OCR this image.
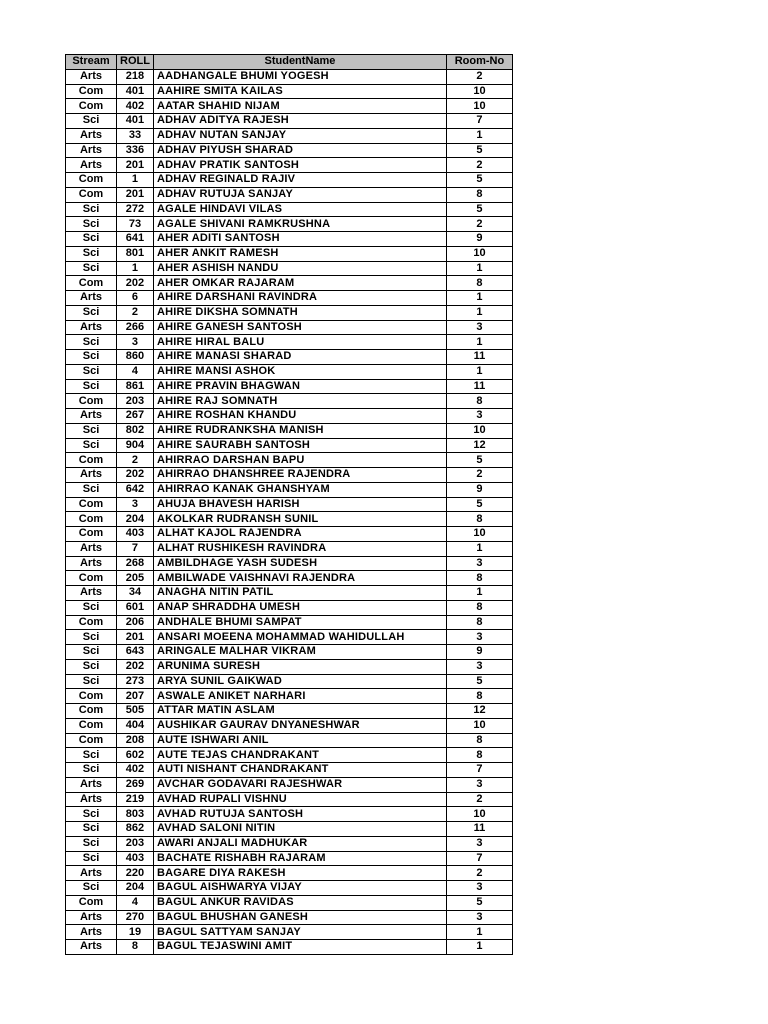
Stream	ROLL	StudentName	Room-No
Arts	218	AADHANGALE BHUMI YOGESH	2
Com	401	AAHIRE SMITA KAILAS	10
Com	402	AATAR SHAHID NIJAM	10
Sci	401	ADHAV ADITYA RAJESH	7
Arts	33	ADHAV NUTAN SANJAY	1
Arts	336	ADHAV PIYUSH SHARAD	5
Arts	201	ADHAV PRATIK SANTOSH	2
Com	1	ADHAV REGINALD RAJIV	5
Com	201	ADHAV RUTUJA SANJAY	8
Sci	272	AGALE HINDAVI VILAS	5
Sci	73	AGALE SHIVANI RAMKRUSHNA	2
Sci	641	AHER ADITI SANTOSH	9
Sci	801	AHER ANKIT RAMESH	10
Sci	1	AHER ASHISH NANDU	1
Com	202	AHER OMKAR RAJARAM	8
Arts	6	AHIRE DARSHANI RAVINDRA	1
Sci	2	AHIRE DIKSHA SOMNATH	1
Arts	266	AHIRE GANESH SANTOSH	3
Sci	3	AHIRE HIRAL BALU	1
Sci	860	AHIRE MANASI SHARAD	11
Sci	4	AHIRE MANSI ASHOK	1
Sci	861	AHIRE PRAVIN BHAGWAN	11
Com	203	AHIRE RAJ SOMNATH	8
Arts	267	AHIRE ROSHAN KHANDU	3
Sci	802	AHIRE RUDRANKSHA MANISH	10
Sci	904	AHIRE SAURABH SANTOSH	12
Com	2	AHIRRAO DARSHAN BAPU	5
Arts	202	AHIRRAO DHANSHREE RAJENDRA	2
Sci	642	AHIRRAO KANAK GHANSHYAM	9
Com	3	AHUJA BHAVESH HARISH	5
Com	204	AKOLKAR RUDRANSH SUNIL	8
Com	403	ALHAT KAJOL RAJENDRA	10
Arts	7	ALHAT RUSHIKESH RAVINDRA	1
Arts	268	AMBILDHAGE YASH SUDESH	3
Com	205	AMBILWADE VAISHNAVI RAJENDRA	8
Arts	34	ANAGHA NITIN PATIL	1
Sci	601	ANAP SHRADDHA UMESH	8
Com	206	ANDHALE BHUMI SAMPAT	8
Sci	201	ANSARI MOEENA MOHAMMAD WAHIDULLAH	3
Sci	643	ARINGALE MALHAR VIKRAM	9
Sci	202	ARUNIMA SURESH	3
Sci	273	ARYA SUNIL GAIKWAD	5
Com	207	ASWALE ANIKET NARHARI	8
Com	505	ATTAR MATIN ASLAM	12
Com	404	AUSHIKAR GAURAV DNYANESHWAR	10
Com	208	AUTE ISHWARI ANIL	8
Sci	602	AUTE TEJAS CHANDRAKANT	8
Sci	402	AUTI NISHANT CHANDRAKANT	7
Arts	269	AVCHAR GODAVARI RAJESHWAR	3
Arts	219	AVHAD RUPALI VISHNU	2
Sci	803	AVHAD RUTUJA SANTOSH	10
Sci	862	AVHAD SALONI NITIN	11
Sci	203	AWARI ANJALI MADHUKAR	3
Sci	403	BACHATE RISHABH RAJARAM	7
Arts	220	BAGARE DIYA RAKESH	2
Sci	204	BAGUL AISHWARYA VIJAY	3
Com	4	BAGUL ANKUR RAVIDAS	5
Arts	270	BAGUL BHUSHAN GANESH	3
Arts	19	BAGUL SATTYAM SANJAY	1
Arts	8	BAGUL TEJASWINI AMIT	1
